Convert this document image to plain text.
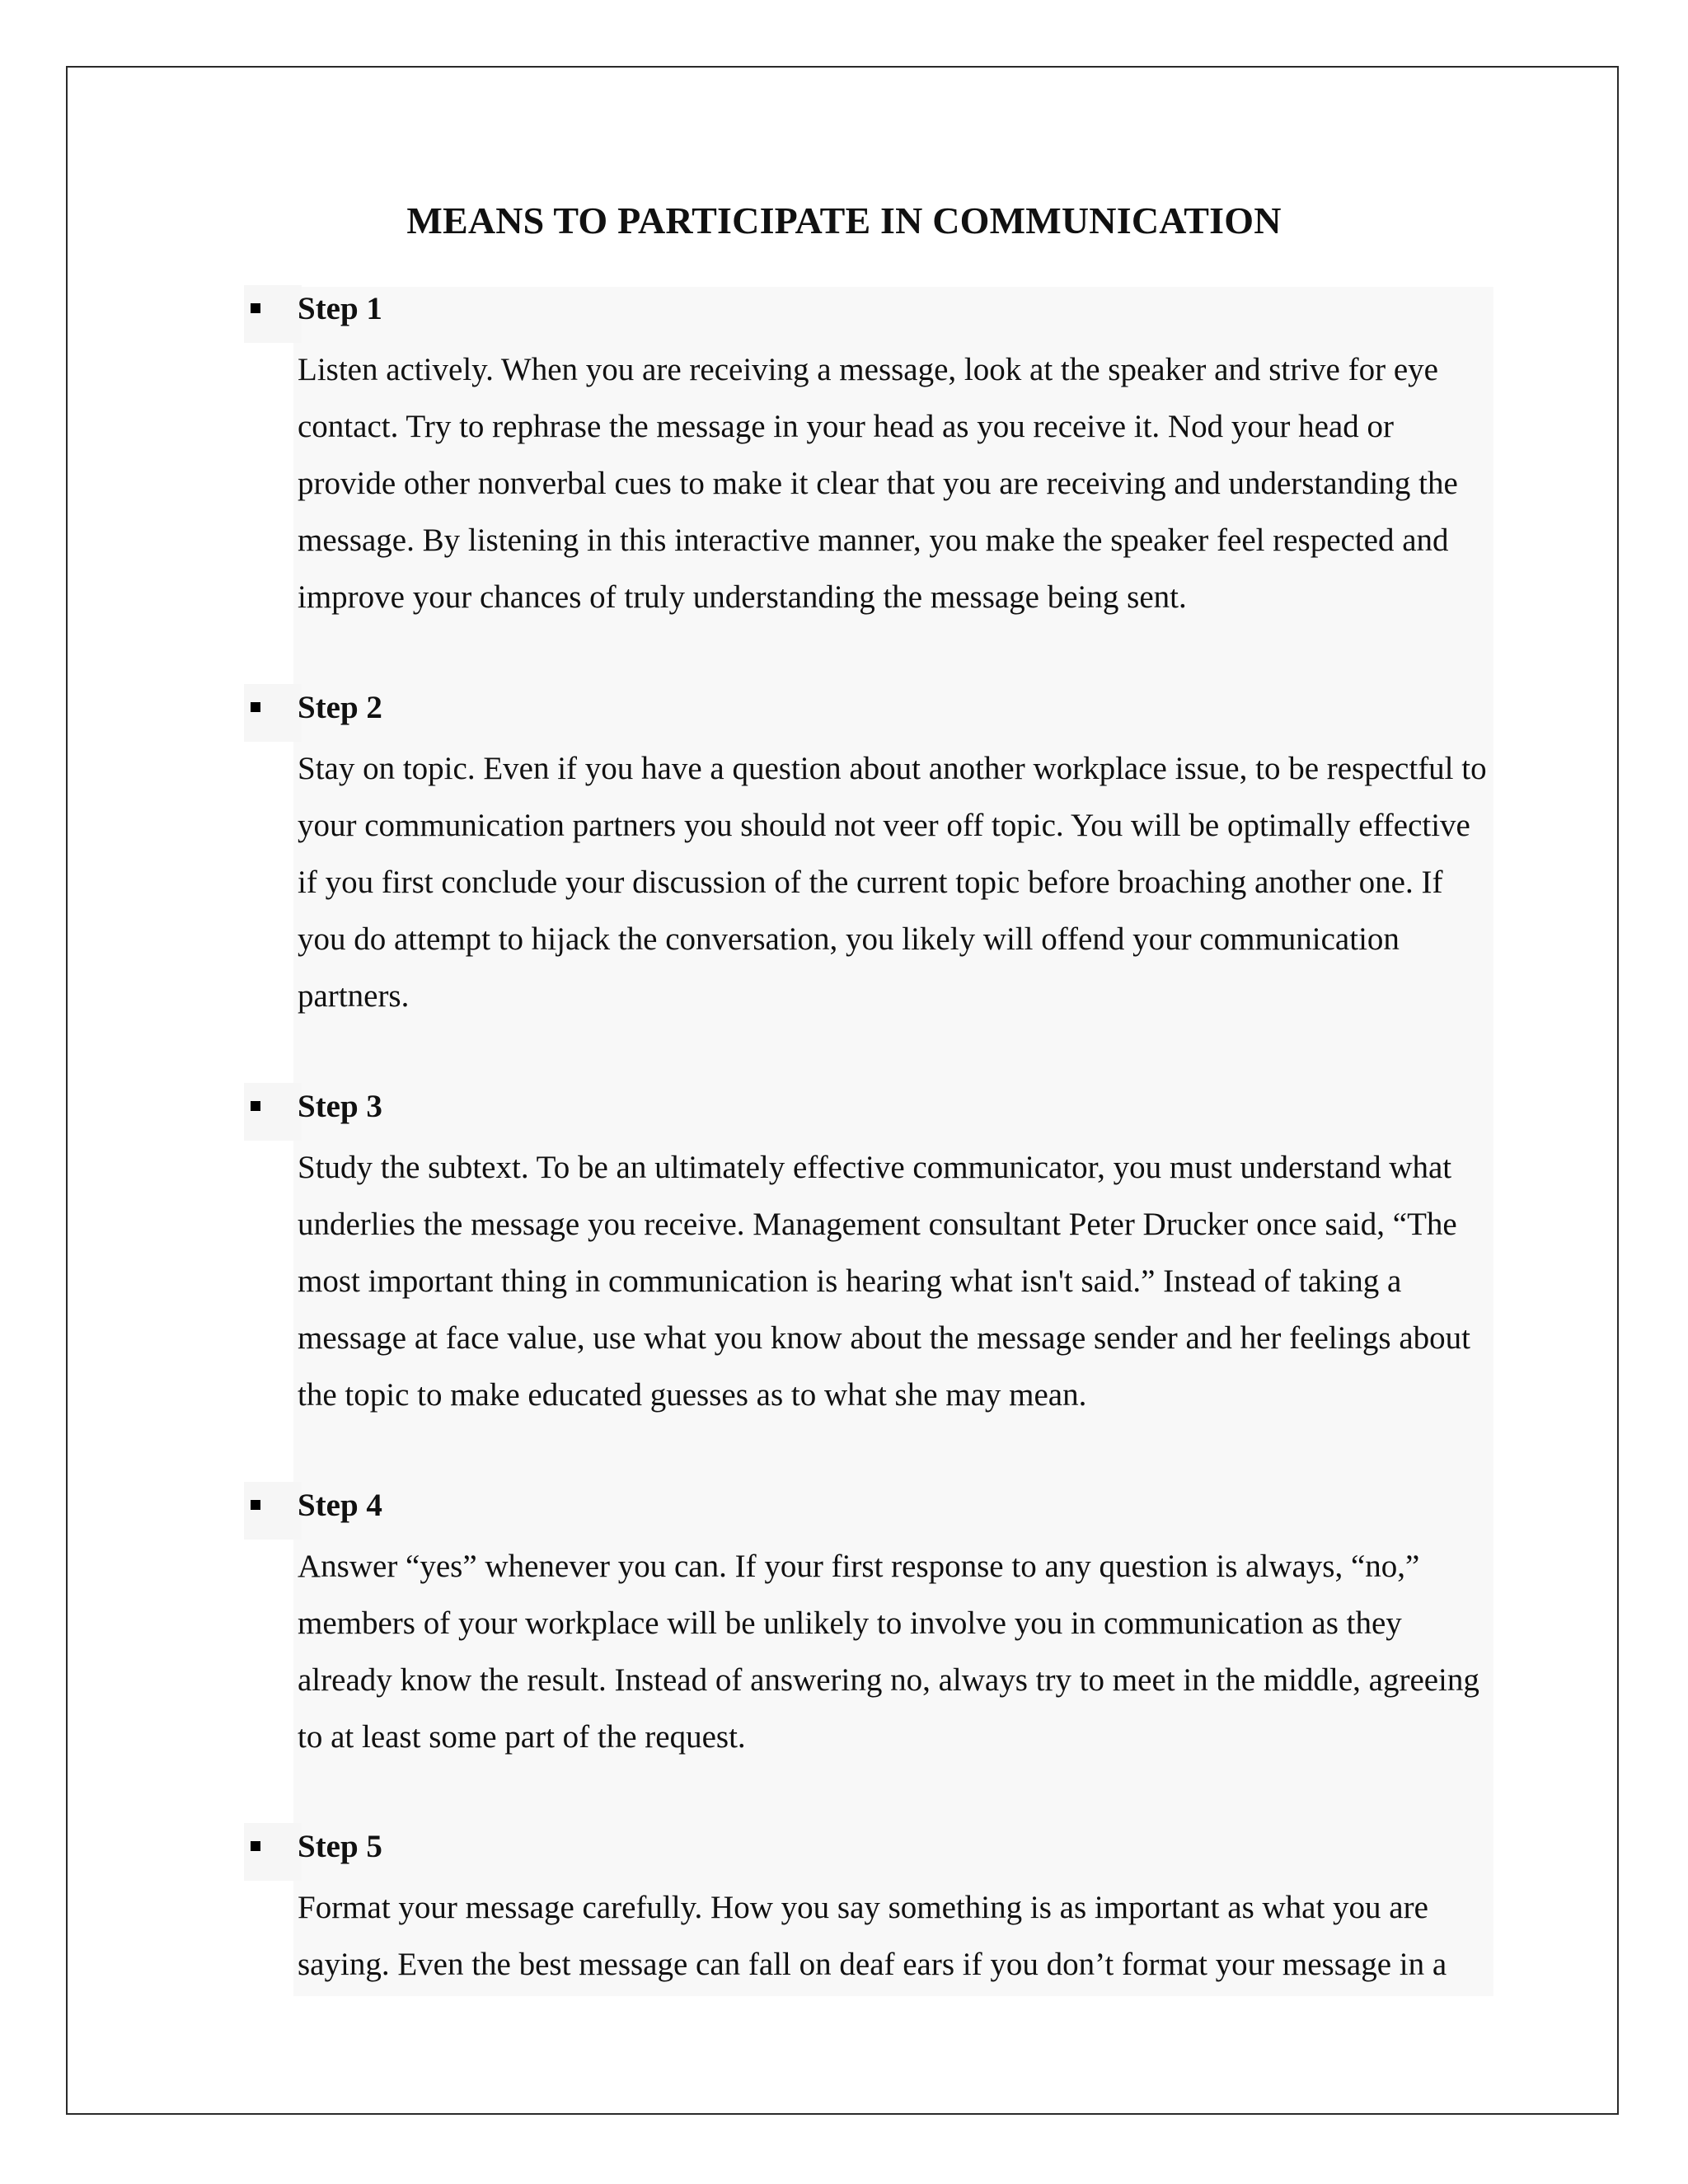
MEANS TO PARTICIPATE IN COMMUNICATION
Step 1

Listen actively. When you are receiving a message, look at the speaker and strive for eye contact. Try to rephrase the message in your head as you receive it. Nod your head or provide other nonverbal cues to make it clear that you are receiving and understanding the message. By listening in this interactive manner, you make the speaker feel respected and improve your chances of truly understanding the message being sent.

Step 2

Stay on topic. Even if you have a question about another workplace issue, to be respectful to your communication partners you should not veer off topic. You will be optimally effective if you first conclude your discussion of the current topic before broaching another one. If you do attempt to hijack the conversation, you likely will offend your communication partners.

Step 3

Study the subtext. To be an ultimately effective communicator, you must understand what underlies the message you receive. Management consultant Peter Drucker once said, “The most important thing in communication is hearing what isn't said.” Instead of taking a message at face value, use what you know about the message sender and her feelings about the topic to make educated guesses as to what she may mean.

Step 4

Answer “yes” whenever you can. If your first response to any question is always, “no,” members of your workplace will be unlikely to involve you in communication as they already know the result. Instead of answering no, always try to meet in the middle, agreeing to at least some part of the request.

Step 5

Format your message carefully. How you say something is as important as what you are saying. Even the best message can fall on deaf ears if you don’t format your message in a
